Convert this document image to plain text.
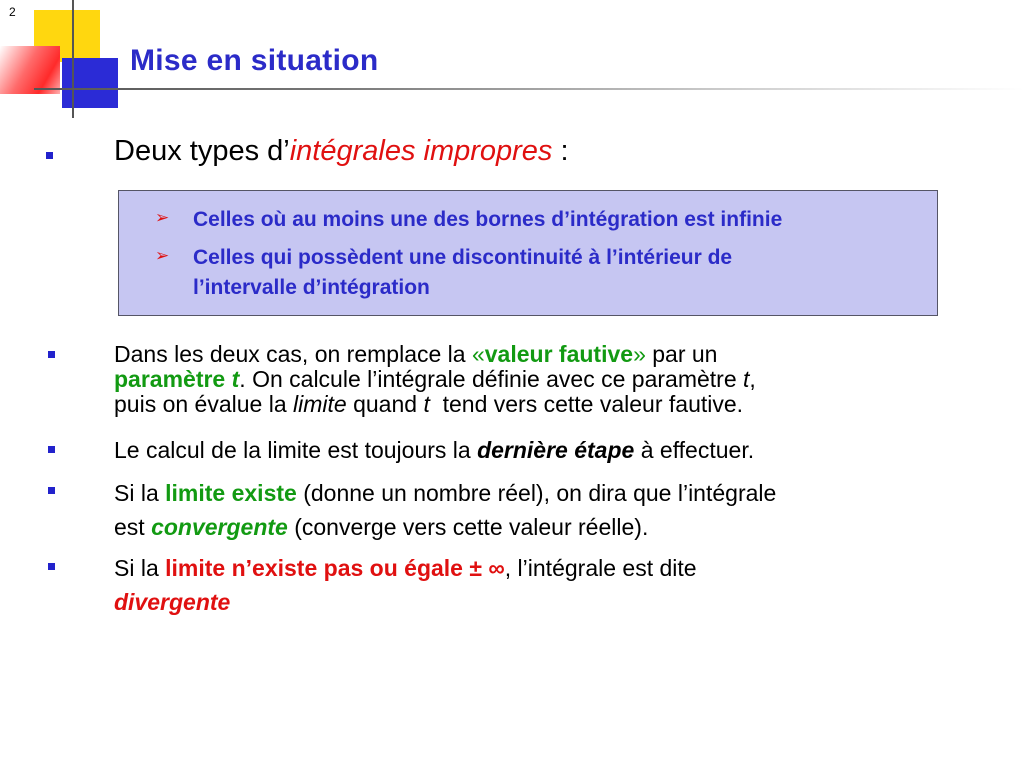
2
Mise en situation
Deux types d’intégrales impropres :
➢ Celles où au moins une des bornes d’intégration est infinie
➢ Celles qui possèdent une discontinuité à l’intérieur de
l’intervalle d’intégration
Dans les deux cas, on remplace la «valeur fautive» par un
paramètre t. On calcule l’intégrale définie avec ce paramètre t,
puis on évalue la limite quand t  tend vers cette valeur fautive.
Le calcul de la limite est toujours la dernière étape à effectuer.
Si la limite existe (donne un nombre réel), on dira que l’intégrale
est convergente (converge vers cette valeur réelle).
Si la limite n’existe pas ou égale ± ∞, l’intégrale est dite
divergente
